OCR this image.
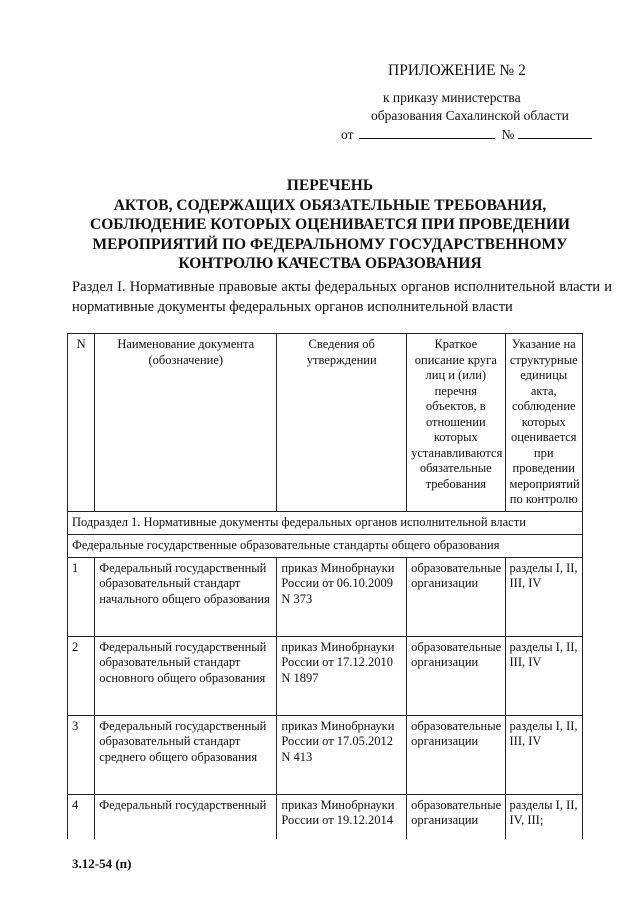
ПРИЛОЖЕНИЕ № 2
к приказу министерства
образования Сахалинской области
от	№
ПЕРЕЧЕНЬ
АКТОВ, СОДЕРЖАЩИХ ОБЯЗАТЕЛЬНЫЕ ТРЕБОВАНИЯ,
СОБЛЮДЕНИЕ КОТОРЫХ ОЦЕНИВАЕТСЯ ПРИ ПРОВЕДЕНИИ
МЕРОПРИЯТИЙ ПО ФЕДЕРАЛЬНОМУ ГОСУДАРСТВЕННОМУ
КОНТРОЛЮ КАЧЕСТВА ОБРАЗОВАНИЯ
Раздел I. Нормативные правовые акты федеральных органов исполнительной власти и нормативные документы федеральных органов исполнительной власти
N	Наименование документа (обозначение)	Сведения об утверждении	Краткое описание круга лиц и (или) перечня объектов, в отношении которых устанавливаются обязательные требования	Указание на структурные единицы акта, соблюдение которых оценивается при проведении мероприятий по контролю
Подраздел 1. Нормативные документы федеральных органов исполнительной власти				
Федеральные государственные образовательные стандарты общего образования				
1	Федеральный государственный образовательный стандарт начального общего образования	приказ Минобрнауки России от 06.10.2009 N 373	образовательные организации	разделы I, II, III, IV
2	Федеральный государственный образовательный стандарт основного общего образования	приказ Минобрнауки России от 17.12.2010 N 1897	образовательные организации	разделы I, II, III, IV
3	Федеральный государственный образовательный стандарт среднего общего образования	приказ Минобрнауки России от 17.05.2012 N 413	образовательные организации	разделы I, II, III, IV
4	Федеральный государственный	приказ Минобрнауки России от 19.12.2014	образовательные организации	разделы I, II, IV, III;
3.12-54 (п)
